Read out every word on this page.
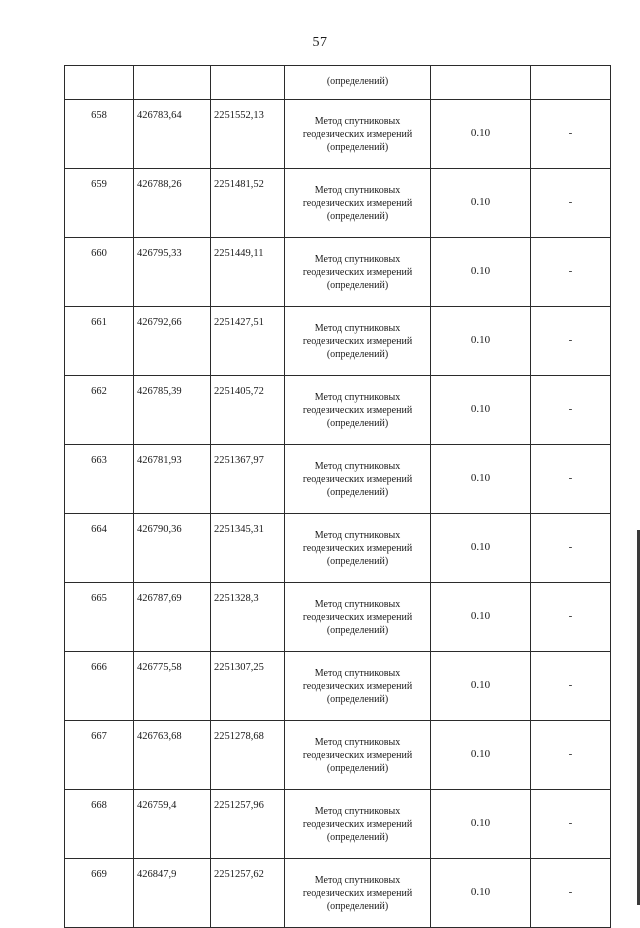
57
			(определений)		
658	426783,64	2251552,13	Метод спутниковых
геодезических измерений
(определений)	0.10	-
659	426788,26	2251481,52	Метод спутниковых
геодезических измерений
(определений)	0.10	-
660	426795,33	2251449,11	Метод спутниковых
геодезических измерений
(определений)	0.10	-
661	426792,66	2251427,51	Метод спутниковых
геодезических измерений
(определений)	0.10	-
662	426785,39	2251405,72	Метод спутниковых
геодезических измерений
(определений)	0.10	-
663	426781,93	2251367,97	Метод спутниковых
геодезических измерений
(определений)	0.10	-
664	426790,36	2251345,31	Метод спутниковых
геодезических измерений
(определений)	0.10	-
665	426787,69	2251328,3	Метод спутниковых
геодезических измерений
(определений)	0.10	-
666	426775,58	2251307,25	Метод спутниковых
геодезических измерений
(определений)	0.10	-
667	426763,68	2251278,68	Метод спутниковых
геодезических измерений
(определений)	0.10	-
668	426759,4	2251257,96	Метод спутниковых
геодезических измерений
(определений)	0.10	-
669	426847,9	2251257,62	Метод спутниковых
геодезических измерений
(определений)	0.10	-
